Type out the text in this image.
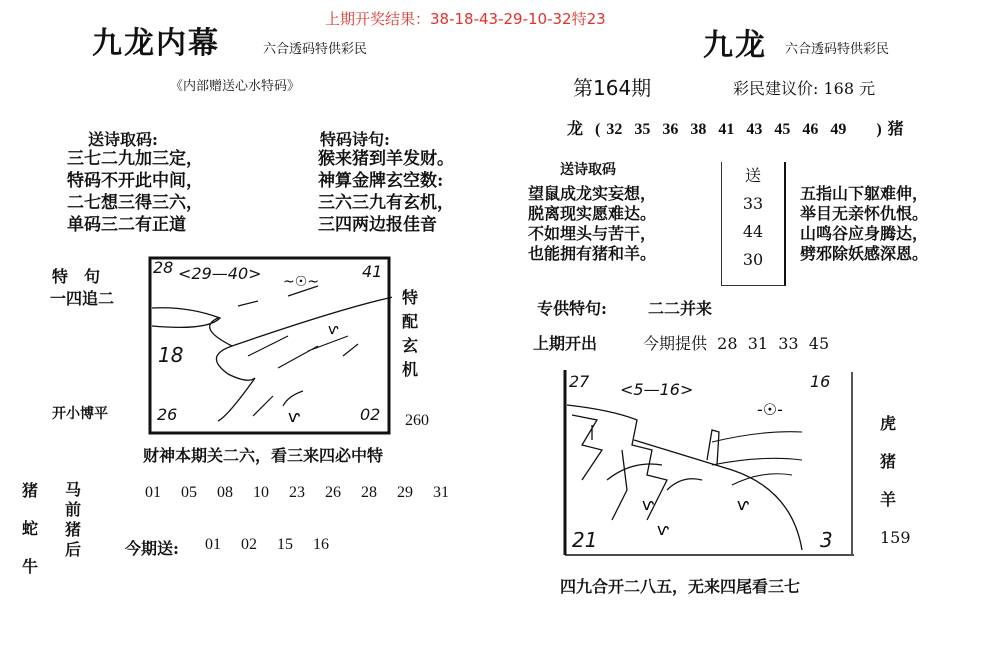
上期开奖结果：38-18-43-29-10-32特23
九龙内幕	六合透码特供彩民
《内部赠送心水特码》
送诗取码:
三七二九加三定，
特码不开此中间，
二七想三得三六，
单码三二有正道
特码诗句:
猴来猪到羊发财。
神算金牌玄空数:
三六三九有玄机，
三四两边报佳音
特　句
一四追二
开小博平
~☉~
ⱱ
ⱱ
28 <29—40>	41
18
26	02
特配玄机
260
财神本期关二六，看三来四必中特
猪
蛇
牛
马前猪后
01  05  08  10  23  26  28  29  31
今期送: 01  02  15  16
九龙 六合透码特供彩民
第164期	彩民建议价: 168 元
龙  ( 32  35  36  38  41  43  45  46  49     ) 猪
送诗取码
望鼠成龙实妄想，
脱离现实愿难达。
不如埋头与苦干，
也能拥有猪和羊。
送
33
44
30
五指山下躯难伸，
举目无亲怀仇恨。
山鸣谷应身腾达，
劈邪除妖感深恩。
专供特句:	二二并来
上期开出	今期提供  28  31  33  45
-☉-
ⱱ	ⱱ
ⱱ
27 <5—16>	16
21	3
虎
猪
羊
159
四九合开二八五，无来四尾看三七
